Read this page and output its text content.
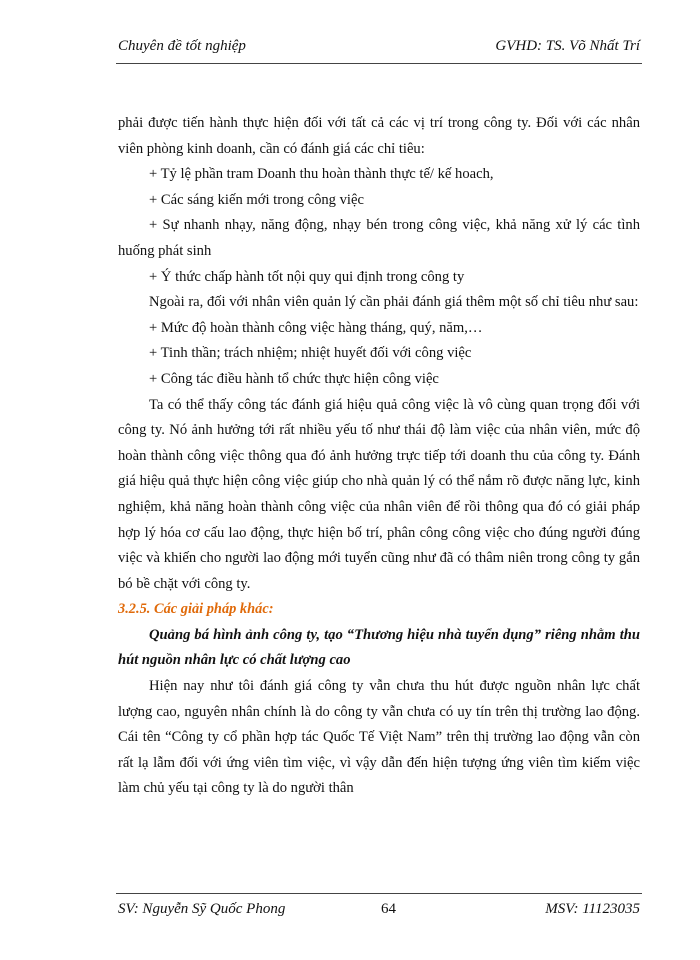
Chuyên đề tốt nghiệp	GVHD: TS. Võ Nhất Trí

phải được tiến hành thực hiện đối với tất cả các vị trí trong công ty. Đối với các nhân viên phòng kinh doanh, cần có đánh giá các chỉ tiêu:

+ Tỷ lệ phần tram Doanh thu hoàn thành thực tế/ kế hoach,

+ Các sáng kiến mới trong công việc

+ Sự nhanh nhạy, năng động, nhạy bén trong công việc, khả năng xử lý các tình huống phát sinh

+ Ý thức chấp hành tốt nội quy qui định trong công ty

Ngoài ra, đối với nhân viên quản lý cần phải đánh giá thêm một số chỉ tiêu như sau:

+ Mức độ hoàn thành công việc hàng tháng, quý, năm,…

+ Tinh thần; trách nhiệm; nhiệt huyết đối với công việc

+ Công tác điều hành tổ chức thực hiện công việc

Ta có thể thấy công tác đánh giá hiệu quả công việc là vô cùng quan trọng đối với công ty. Nó ảnh hưởng tới rất nhiều yếu tố như thái độ làm việc của nhân viên, mức độ hoàn thành công việc thông qua đó ảnh hưởng trực tiếp tới doanh thu của công ty. Đánh giá hiệu quả thực hiện công việc giúp cho nhà quản lý có thể nắm rõ được năng lực, kinh nghiệm, khả năng hoàn thành công việc của nhân viên để rồi thông qua đó có giải pháp hợp lý hóa cơ cấu lao động, thực hiện bố trí, phân công công việc cho đúng người đúng việc và khiến cho người lao động mới tuyển cũng như đã có thâm niên trong công ty gắn bó bề chặt với công ty.

3.2.5. Các giải pháp khác:

Quảng bá hình ảnh công ty, tạo “Thương hiệu nhà tuyển dụng” riêng nhằm thu hút nguồn nhân lực có chất lượng cao

Hiện nay như tôi đánh giá công ty vẫn chưa thu hút được nguồn nhân lực chất lượng cao, nguyên nhân chính là do công ty vẫn chưa có uy tín trên thị trường lao động. Cái tên “Công ty cổ phần hợp tác Quốc Tế Việt Nam” trên thị trường lao động vẫn còn rất lạ lẫm đối với ứng viên tìm việc, vì vậy dẫn đến hiện tượng ứng viên tìm kiếm việc làm chủ yếu tại công ty là do người thân

SV: Nguyễn Sỹ Quốc Phong	64	MSV: 11123035
